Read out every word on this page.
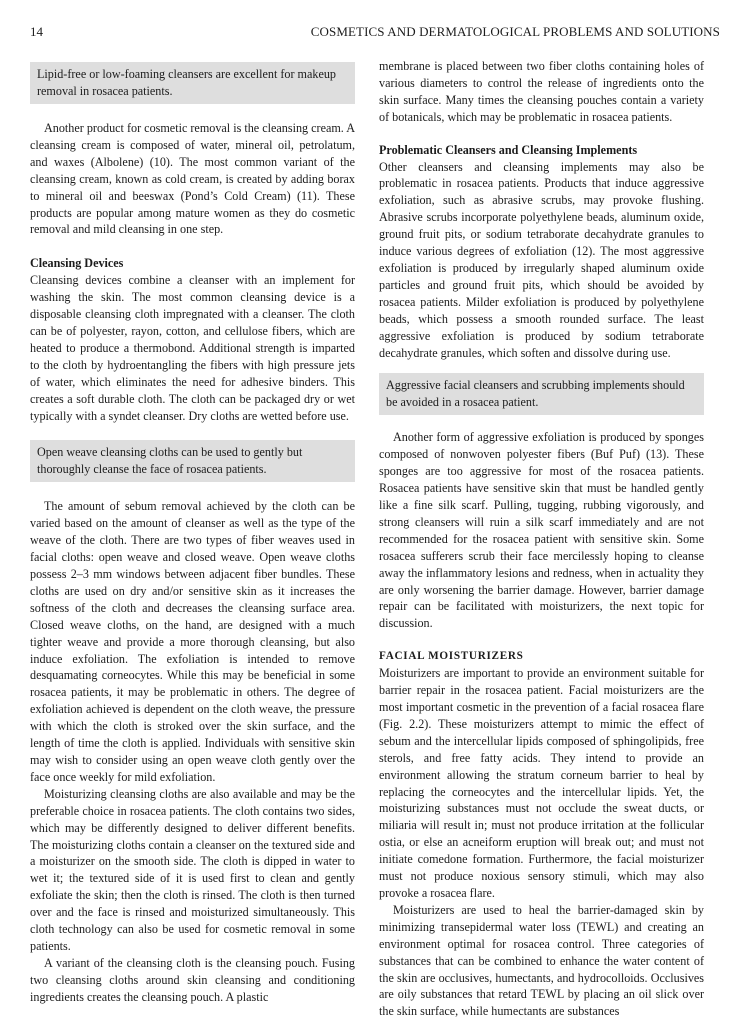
14	COSMETICS AND DERMATOLOGICAL PROBLEMS AND SOLUTIONS
Lipid-free or low-foaming cleansers are excellent for makeup removal in rosacea patients.

Another product for cosmetic removal is the cleansing cream. A cleansing cream is composed of water, mineral oil, petrolatum, and waxes (Albolene) (10). The most common variant of the cleansing cream, known as cold cream, is created by adding borax to mineral oil and beeswax (Pond’s Cold Cream) (11). These products are popular among mature women as they do cosmetic removal and mild cleansing in one step.

Cleansing Devices

Cleansing devices combine a cleanser with an implement for washing the skin. The most common cleansing device is a disposable cleansing cloth impregnated with a cleanser. The cloth can be of polyester, rayon, cotton, and cellulose fibers, which are heated to produce a thermobond. Additional strength is imparted to the cloth by hydroentangling the fibers with high pressure jets of water, which eliminates the need for adhesive binders. This creates a soft durable cloth. The cloth can be packaged dry or wet typically with a syndet cleanser. Dry cloths are wetted before use.

Open weave cleansing cloths can be used to gently but thoroughly cleanse the face of rosacea patients.

The amount of sebum removal achieved by the cloth can be varied based on the amount of cleanser as well as the type of the weave of the cloth. There are two types of fiber weaves used in facial cloths: open weave and closed weave. Open weave cloths possess 2–3 mm windows between adjacent fiber bundles. These cloths are used on dry and/or sensitive skin as it increases the softness of the cloth and decreases the cleansing surface area. Closed weave cloths, on the hand, are designed with a much tighter weave and provide a more thorough cleansing, but also induce exfoliation. The exfoliation is intended to remove desquamating corneocytes. While this may be beneficial in some rosacea patients, it may be problematic in others. The degree of exfoliation achieved is dependent on the cloth weave, the pressure with which the cloth is stroked over the skin surface, and the length of time the cloth is applied. Individuals with sensitive skin may wish to consider using an open weave cloth gently over the face once weekly for mild exfoliation.

Moisturizing cleansing cloths are also available and may be the preferable choice in rosacea patients. The cloth contains two sides, which may be differently designed to deliver different benefits. The moisturizing cloths contain a cleanser on the textured side and a moisturizer on the smooth side. The cloth is dipped in water to wet it; the textured side of it is used first to clean and gently exfoliate the skin; then the cloth is rinsed. The cloth is then turned over and the face is rinsed and moisturized simultaneously. This cloth technology can also be used for cosmetic removal in some patients.

A variant of the cleansing cloth is the cleansing pouch. Fusing two cleansing cloths around skin cleansing and conditioning ingredients creates the cleansing pouch. A plastic

membrane is placed between two fiber cloths containing holes of various diameters to control the release of ingredients onto the skin surface. Many times the cleansing pouches contain a variety of botanicals, which may be problematic in rosacea patients.

Problematic Cleansers and Cleansing Implements

Other cleansers and cleansing implements may also be problematic in rosacea patients. Products that induce aggressive exfoliation, such as abrasive scrubs, may provoke flushing. Abrasive scrubs incorporate polyethylene beads, aluminum oxide, ground fruit pits, or sodium tetraborate decahydrate granules to induce various degrees of exfoliation (12). The most aggressive exfoliation is produced by irregularly shaped aluminum oxide particles and ground fruit pits, which should be avoided by rosacea patients. Milder exfoliation is produced by polyethylene beads, which possess a smooth rounded surface. The least aggressive exfoliation is produced by sodium tetraborate decahydrate granules, which soften and dissolve during use.

Aggressive facial cleansers and scrubbing implements should be avoided in a rosacea patient.

Another form of aggressive exfoliation is produced by sponges composed of nonwoven polyester fibers (Buf Puf) (13). These sponges are too aggressive for most of the rosacea patients. Rosacea patients have sensitive skin that must be handled gently like a fine silk scarf. Pulling, tugging, rubbing vigorously, and strong cleansers will ruin a silk scarf immediately and are not recommended for the rosacea patient with sensitive skin. Some rosacea sufferers scrub their face mercilessly hoping to cleanse away the inflammatory lesions and redness, when in actuality they are only worsening the barrier damage. However, barrier damage repair can be facilitated with moisturizers, the next topic for discussion.

FACIAL MOISTURIZERS

Moisturizers are important to provide an environment suitable for barrier repair in the rosacea patient. Facial moisturizers are the most important cosmetic in the prevention of a facial rosacea flare (Fig. 2.2). These moisturizers attempt to mimic the effect of sebum and the intercellular lipids composed of sphingolipids, free sterols, and free fatty acids. They intend to provide an environment allowing the stratum corneum barrier to heal by replacing the corneocytes and the intercellular lipids. Yet, the moisturizing substances must not occlude the sweat ducts, or miliaria will result in; must not produce irritation at the follicular ostia, or else an acneiform eruption will break out; and must not initiate comedone formation. Furthermore, the facial moisturizer must not produce noxious sensory stimuli, which may also provoke a rosacea flare.

Moisturizers are used to heal the barrier-damaged skin by minimizing transepidermal water loss (TEWL) and creating an environment optimal for rosacea control. Three categories of substances that can be combined to enhance the water content of the skin are occlusives, humectants, and hydrocolloids. Occlusives are oily substances that retard TEWL by placing an oil slick over the skin surface, while humectants are substances
